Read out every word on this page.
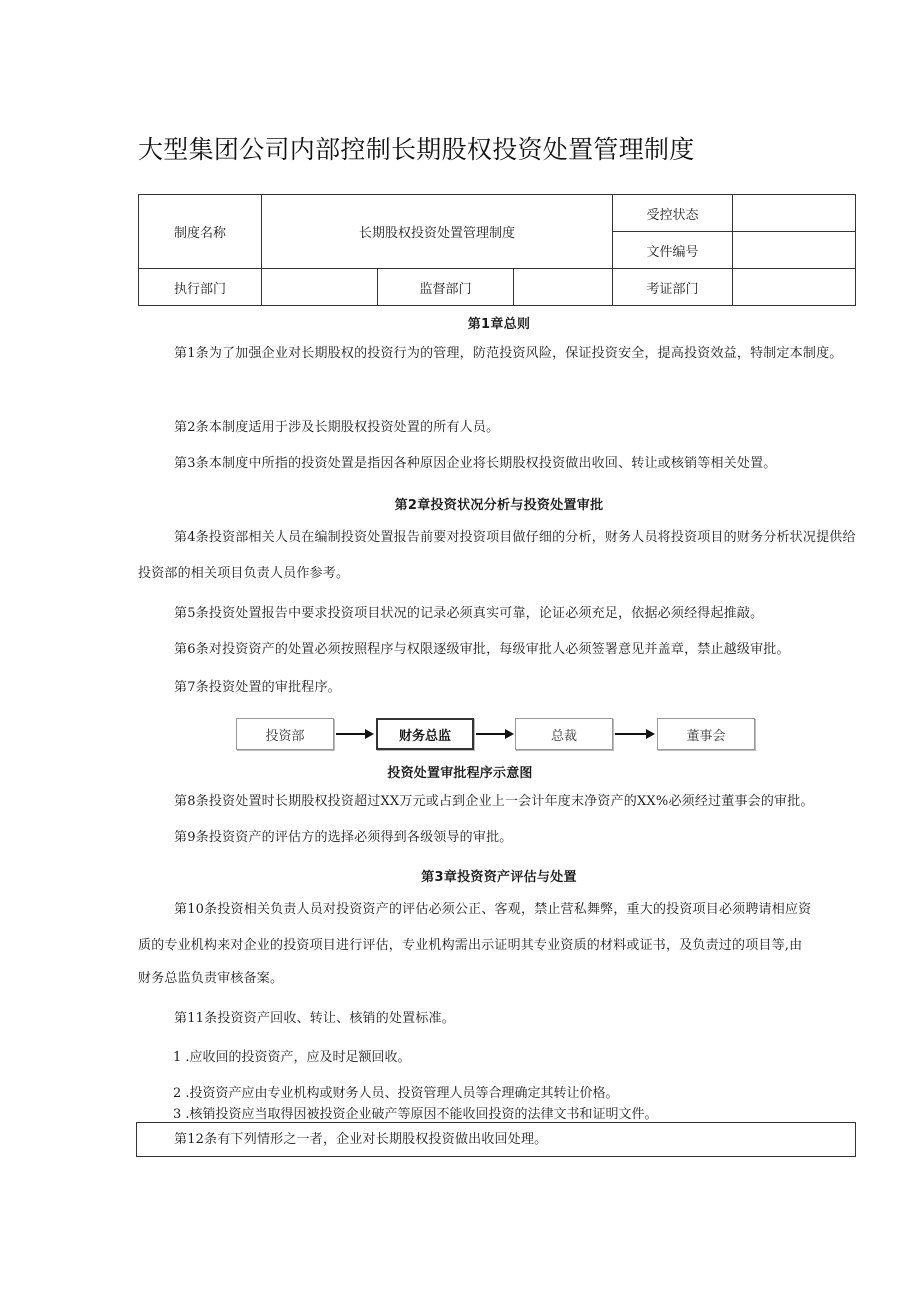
大型集团公司内部控制长期股权投资处置管理制度
制度名称	长期股权投资处置管理制度			受控状态	
				文件编号	
执行部门		监督部门		考证部门	
第1章总则
第1条为了加强企业对长期股权的投资行为的管理，防范投资风险，保证投资安全，提高投资效益，特制定本制度。
第2条本制度适用于涉及长期股权投资处置的所有人员。
第3条本制度中所指的投资处置是指因各种原因企业将长期股权投资做出收回、转让或核销等相关处置。
第2章投资状况分析与投资处置审批
第4条投资部相关人员在编制投资处置报告前要对投资项目做仔细的分析，财务人员将投资项目的财务分析状况提供给投资部的相关项目负责人员作参考。
第5条投资处置报告中要求投资项目状况的记录必须真实可靠，论证必须充足，依据必须经得起推敲。
第6条对投资资产的处置必须按照程序与权限逐级审批，每级审批人必须签署意见并盖章，禁止越级审批。
第7条投资处置的审批程序。
投资部	财务总监	总裁	董事会
投资处置审批程序示意图
第8条投资处置时长期股权投资超过XX万元或占到企业上一会计年度末净资产的XX%必须经过董事会的审批。
第9条投资资产的评估方的选择必须得到各级领导的审批。
第3章投资资产评估与处置
第10条投资相关负责人员对投资资产的评估必须公正、客观，禁止营私舞弊，重大的投资项目必须聘请相应资
质的专业机构来对企业的投资项目进行评估，专业机构需出示证明其专业资质的材料或证书，及负责过的项目等,由
财务总监负责审核备案。
第11条投资资产回收、转让、核销的处置标准。
1 .应收回的投资资产，应及时足额回收。
2 .投资资产应由专业机构或财务人员、投资管理人员等合理确定其转让价格。
3 .核销投资应当取得因被投资企业破产等原因不能收回投资的法律文书和证明文件。
第12条有下列情形之一者，企业对长期股权投资做出收回处理。
